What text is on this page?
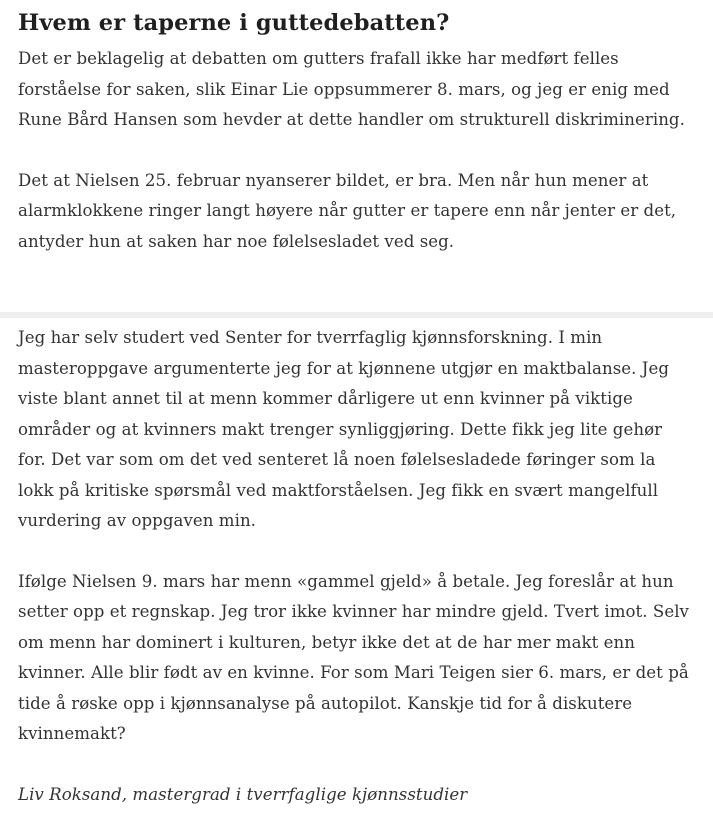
Hvem er taperne i guttedebatten?

Det er beklagelig at debatten om gutters frafall ikke har medført felles forståelse for saken, slik Einar Lie oppsummerer 8. mars, og jeg er enig med Rune Bård Hansen som hevder at dette handler om strukturell diskriminering.

Det at Nielsen 25. februar nyanserer bildet, er bra. Men når hun mener at alarmklokkene ringer langt høyere når gutter er tapere enn når jenter er det, antyder hun at saken har noe følelsesladet ved seg.

Jeg har selv studert ved Senter for tverrfaglig kjønnsforskning. I min masteroppgave argumenterte jeg for at kjønnene utgjør en maktbalanse. Jeg viste blant annet til at menn kommer dårligere ut enn kvinner på viktige områder og at kvinners makt trenger synliggjøring. Dette fikk jeg lite gehør for. Det var som om det ved senteret lå noen følelsesladede føringer som la lokk på kritiske spørsmål ved maktforståelsen. Jeg fikk en svært mangelfull vurdering av oppgaven min.

Ifølge Nielsen 9. mars har menn «gammel gjeld» å betale. Jeg foreslår at hun setter opp et regnskap. Jeg tror ikke kvinner har mindre gjeld. Tvert imot. Selv om menn har dominert i kulturen, betyr ikke det at de har mer makt enn kvinner. Alle blir født av en kvinne. For som Mari Teigen sier 6. mars, er det på tide å røske opp i kjønnsanalyse på autopilot. Kanskje tid for å diskutere kvinnemakt?

Liv Roksand, mastergrad i tverrfaglige kjønnsstudier
